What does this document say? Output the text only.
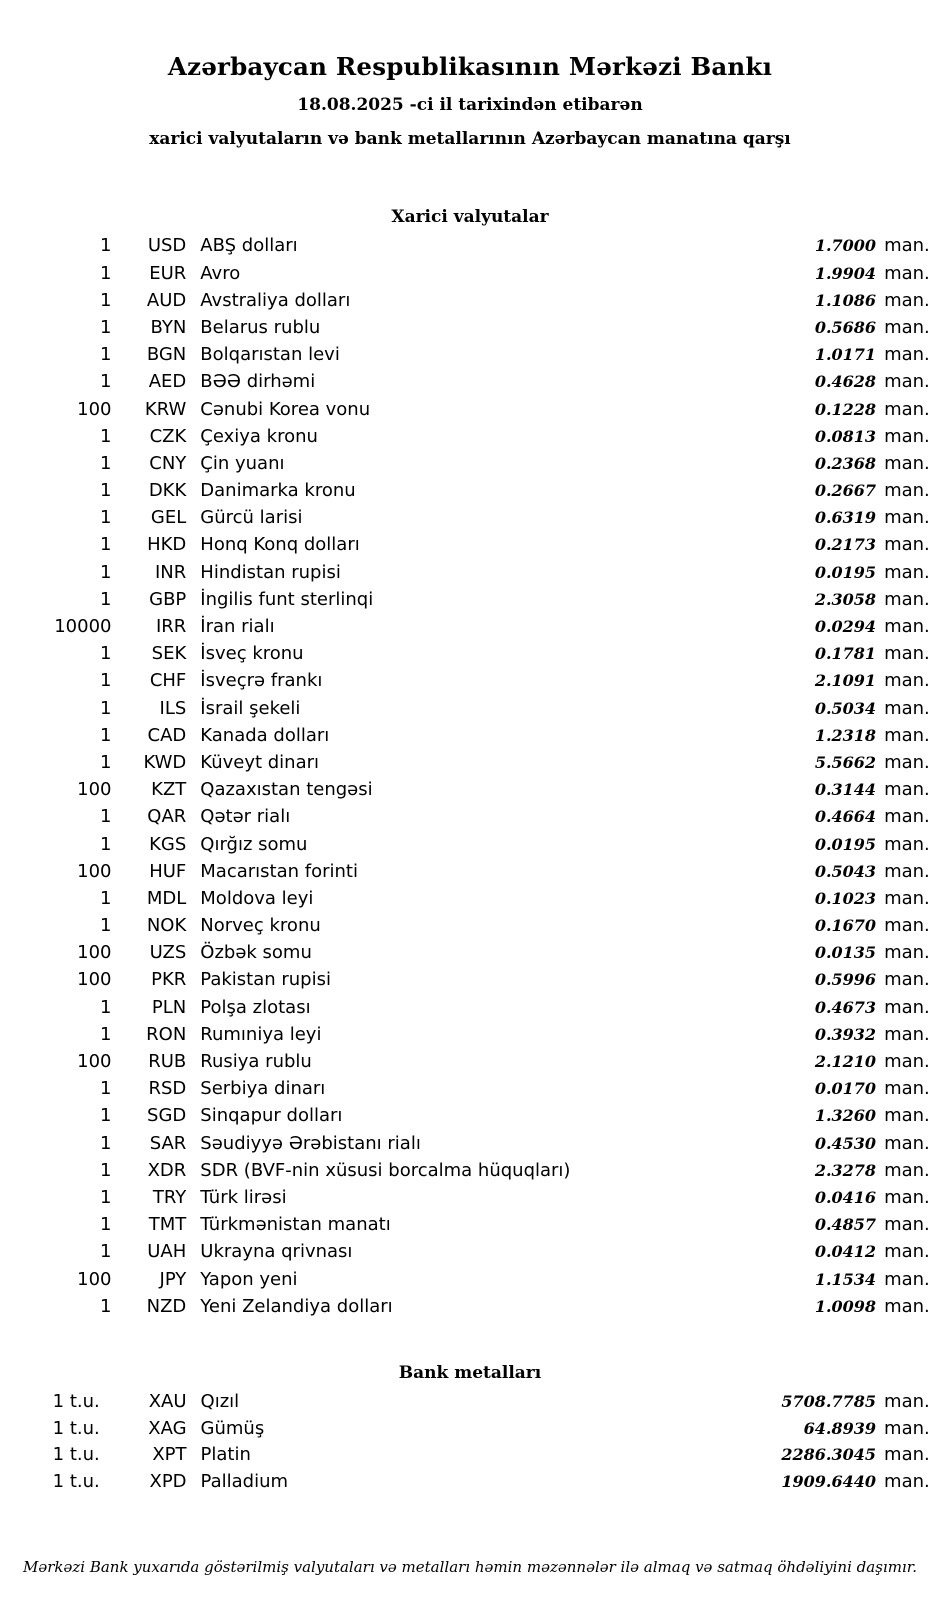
Azərbaycan Respublikasının Mərkəzi Bankı
18.08.2025 -ci il tarixindən etibarən
xarici valyutaların və bank metallarının Azərbaycan manatına qarşı
Xarici valyutalar
1	USD	ABŞ dolları	1.7000	man.
1	EUR	Avro	1.9904	man.
1	AUD	Avstraliya dolları	1.1086	man.
1	BYN	Belarus rublu	0.5686	man.
1	BGN	Bolqarıstan levi	1.0171	man.
1	AED	BƏƏ dirhəmi	0.4628	man.
100	KRW	Cənubi Korea vonu	0.1228	man.
1	CZK	Çexiya kronu	0.0813	man.
1	CNY	Çin yuanı	0.2368	man.
1	DKK	Danimarka kronu	0.2667	man.
1	GEL	Gürcü larisi	0.6319	man.
1	HKD	Honq Konq dolları	0.2173	man.
1	INR	Hindistan rupisi	0.0195	man.
1	GBP	İngilis funt sterlinqi	2.3058	man.
10000	IRR	İran rialı	0.0294	man.
1	SEK	İsveç kronu	0.1781	man.
1	CHF	İsveçrə frankı	2.1091	man.
1	ILS	İsrail şekeli	0.5034	man.
1	CAD	Kanada dolları	1.2318	man.
1	KWD	Küveyt dinarı	5.5662	man.
100	KZT	Qazaxıstan tengəsi	0.3144	man.
1	QAR	Qətər rialı	0.4664	man.
1	KGS	Qırğız somu	0.0195	man.
100	HUF	Macarıstan forinti	0.5043	man.
1	MDL	Moldova leyi	0.1023	man.
1	NOK	Norveç kronu	0.1670	man.
100	UZS	Özbək somu	0.0135	man.
100	PKR	Pakistan rupisi	0.5996	man.
1	PLN	Polşa zlotası	0.4673	man.
1	RON	Rumıniya leyi	0.3932	man.
100	RUB	Rusiya rublu	2.1210	man.
1	RSD	Serbiya dinarı	0.0170	man.
1	SGD	Sinqapur dolları	1.3260	man.
1	SAR	Səudiyyə Ərəbistanı rialı	0.4530	man.
1	XDR	SDR (BVF-nin xüsusi borcalma hüquqları)	2.3278	man.
1	TRY	Türk lirəsi	0.0416	man.
1	TMT	Türkmənistan manatı	0.4857	man.
1	UAH	Ukrayna qrivnası	0.0412	man.
100	JPY	Yapon yeni	1.1534	man.
1	NZD	Yeni Zelandiya dolları	1.0098	man.
Bank metalları
1 t.u.	XAU	Qızıl	5708.7785	man.
1 t.u.	XAG	Gümüş	64.8939	man.
1 t.u.	XPT	Platin	2286.3045	man.
1 t.u.	XPD	Palladium	1909.6440	man.
Mərkəzi Bank yuxarıda göstərilmiş valyutaları və metalları həmin məzənnələr ilə almaq və satmaq öhdəliyini daşımır.
